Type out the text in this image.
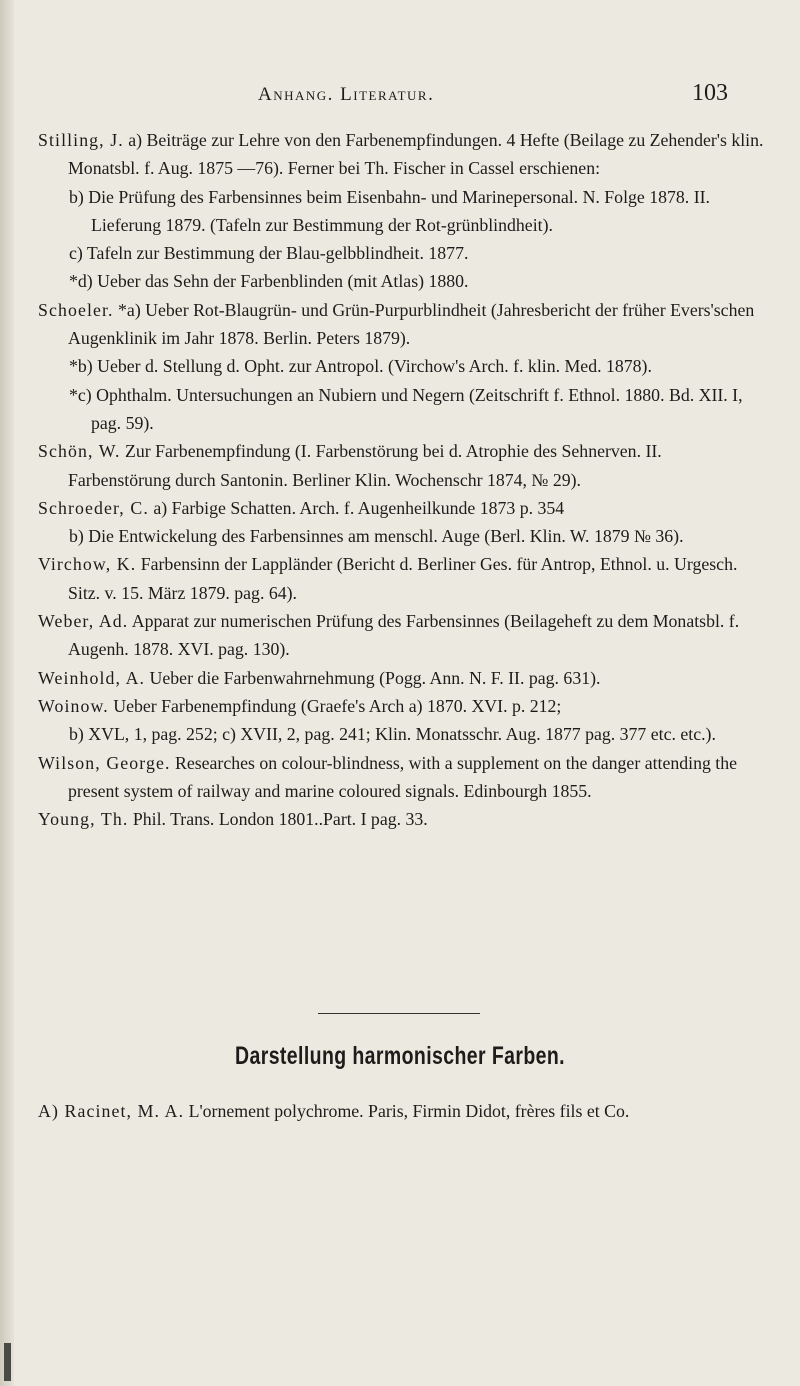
Anhang. Literatur.	103
Stilling, J. a) Beiträge zur Lehre von den Farbenempfindungen. 4 Hefte (Beilage zu Zehender's klin. Monatsbl. f. Aug. 1875 —76). Ferner bei Th. Fischer in Cassel erschienen:
b) Die Prüfung des Farbensinnes beim Eisenbahn- und Marinepersonal. N. Folge 1878. II. Lieferung 1879. (Tafeln zur Bestimmung der Rot-grünblindheit).
c) Tafeln zur Bestimmung der Blau-gelbblindheit. 1877.
*d) Ueber das Sehn der Farbenblinden (mit Atlas) 1880.
Schoeler. *a) Ueber Rot-Blaugrün- und Grün-Purpurblindheit (Jahresbericht der früher Evers'schen Augenklinik im Jahr 1878. Berlin. Peters 1879).
*b) Ueber d. Stellung d. Opht. zur Antropol. (Virchow's Arch. f. klin. Med. 1878).
*c) Ophthalm. Untersuchungen an Nubiern und Negern (Zeitschrift f. Ethnol. 1880. Bd. XII. I, pag. 59).
Schön, W. Zur Farbenempfindung (I. Farbenstörung bei d. Atrophie des Sehnerven. II. Farbenstörung durch Santonin. Berliner Klin. Wochenschr 1874, № 29).
Schroeder, C. a) Farbige Schatten. Arch. f. Augenheilkunde 1873 p. 354
b) Die Entwickelung des Farbensinnes am menschl. Auge (Berl. Klin. W. 1879 № 36).
Virchow, K. Farbensinn der Lappländer (Bericht d. Berliner Ges. für Antrop, Ethnol. u. Urgesch. Sitz. v. 15. März 1879. pag. 64).
Weber, Ad. Apparat zur numerischen Prüfung des Farbensinnes (Beilageheft zu dem Monatsbl. f. Augenh. 1878. XVI. pag. 130).
Weinhold, A. Ueber die Farbenwahrnehmung (Pogg. Ann. N. F. II. pag. 631).
Woinow. Ueber Farbenempfindung (Graefe's Arch a) 1870. XVI. p. 212;
b) XVL, 1, pag. 252; c) XVII, 2, pag. 241; Klin. Monatsschr. Aug. 1877 pag. 377 etc. etc.).
Wilson, George. Researches on colour-blindness, with a supplement on the danger attending the present system of railway and marine coloured signals. Edinbourgh 1855.
Young, Th. Phil. Trans. London 1801..Part. I pag. 33.
Darstellung harmonischer Farben.
A) Racinet, M. A. L'ornement polychrome. Paris, Firmin Didot, frères fils et Co.
